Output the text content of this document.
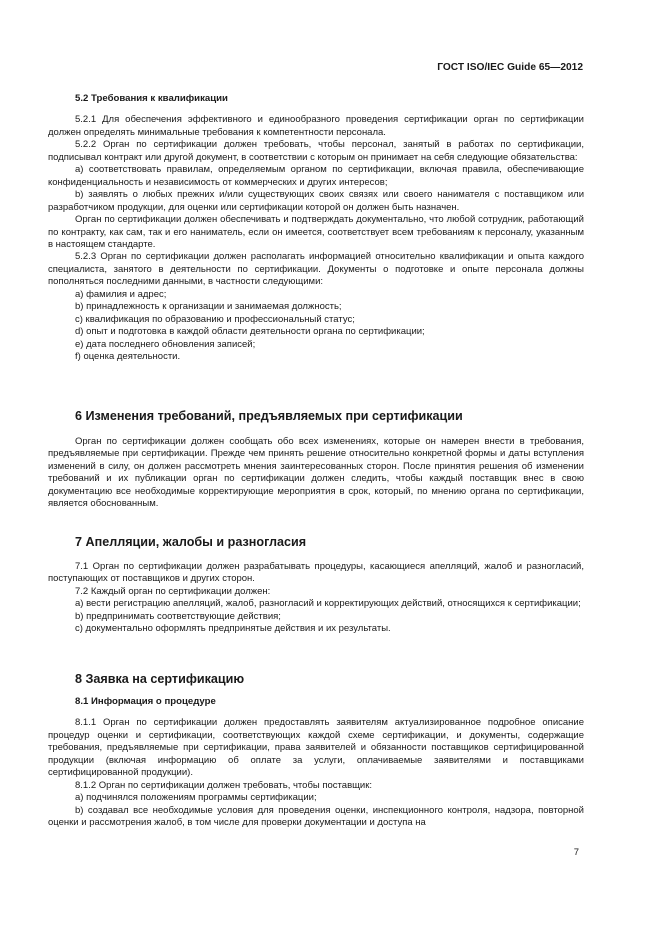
ГОСТ ISO/IEC Guide 65—2012

5.2 Требования к квалификации

5.2.1 Для обеспечения эффективного и единообразного проведения сертификации орган по сертификации должен определять минимальные требования к компетентности персонала.

5.2.2 Орган по сертификации должен требовать, чтобы персонал, занятый в работах по сертификации, подписывал контракт или другой документ, в соответствии с которым он принимает на себя следующие обязательства:

a) соответствовать правилам, определяемым органом по сертификации, включая правила, обеспечивающие конфиденциальность и независимость от коммерческих и других интересов;

b) заявлять о любых прежних и/или существующих своих связях или своего нанимателя с поставщиком или разработчиком продукции, для оценки или сертификации которой он должен быть назначен.

Орган по сертификации должен обеспечивать и подтверждать документально, что любой сотрудник, работающий по контракту, как сам, так и его наниматель, если он имеется, соответствует всем требованиям к персоналу, указанным в настоящем стандарте.

5.2.3 Орган по сертификации должен располагать информацией относительно квалификации и опыта каждого специалиста, занятого в деятельности по сертификации. Документы о подготовке и опыте персонала должны пополняться последними данными, в частности следующими:

a) фамилия и адрес;

b) принадлежность к организации и занимаемая должность;

c) квалификация по образованию и профессиональный статус;

d) опыт и подготовка в каждой области деятельности органа по сертификации;

e) дата последнего обновления записей;

f) оценка деятельности.

6 Изменения требований, предъявляемых при сертификации

Орган по сертификации должен сообщать обо всех изменениях, которые он намерен внести в требования, предъявляемые при сертификации. Прежде чем принять решение относительно конкретной формы и даты вступления изменений в силу, он должен рассмотреть мнения заинтересованных сторон. После принятия решения об изменении требований и их публикации орган по сертификации должен следить, чтобы каждый поставщик внес в свою документацию все необходимые корректирующие мероприятия в срок, который, по мнению органа по сертификации, является обоснованным.

7 Апелляции, жалобы и разногласия

7.1 Орган по сертификации должен разрабатывать процедуры, касающиеся апелляций, жалоб и разногласий, поступающих от поставщиков и других сторон.

7.2 Каждый орган по сертификации должен:

a) вести регистрацию апелляций, жалоб, разногласий и корректирующих действий, относящихся к сертификации;

b) предпринимать соответствующие действия;

c) документально оформлять предпринятые действия и их результаты.

8 Заявка на сертификацию

8.1 Информация о процедуре

8.1.1 Орган по сертификации должен предоставлять заявителям актуализированное подробное описание процедур оценки и сертификации, соответствующих каждой схеме сертификации, и документы, содержащие требования, предъявляемые при сертификации, права заявителей и обязанности поставщиков сертифицированной продукции (включая информацию об оплате за услуги, оплачиваемые заявителями и поставщиками сертифицированной продукции).

8.1.2 Орган по сертификации должен требовать, чтобы поставщик:

a) подчинялся положениям программы сертификации;

b) создавал все необходимые условия для проведения оценки, инспекционного контроля, надзора, повторной оценки и рассмотрения жалоб, в том числе для проверки документации и доступа на

7
